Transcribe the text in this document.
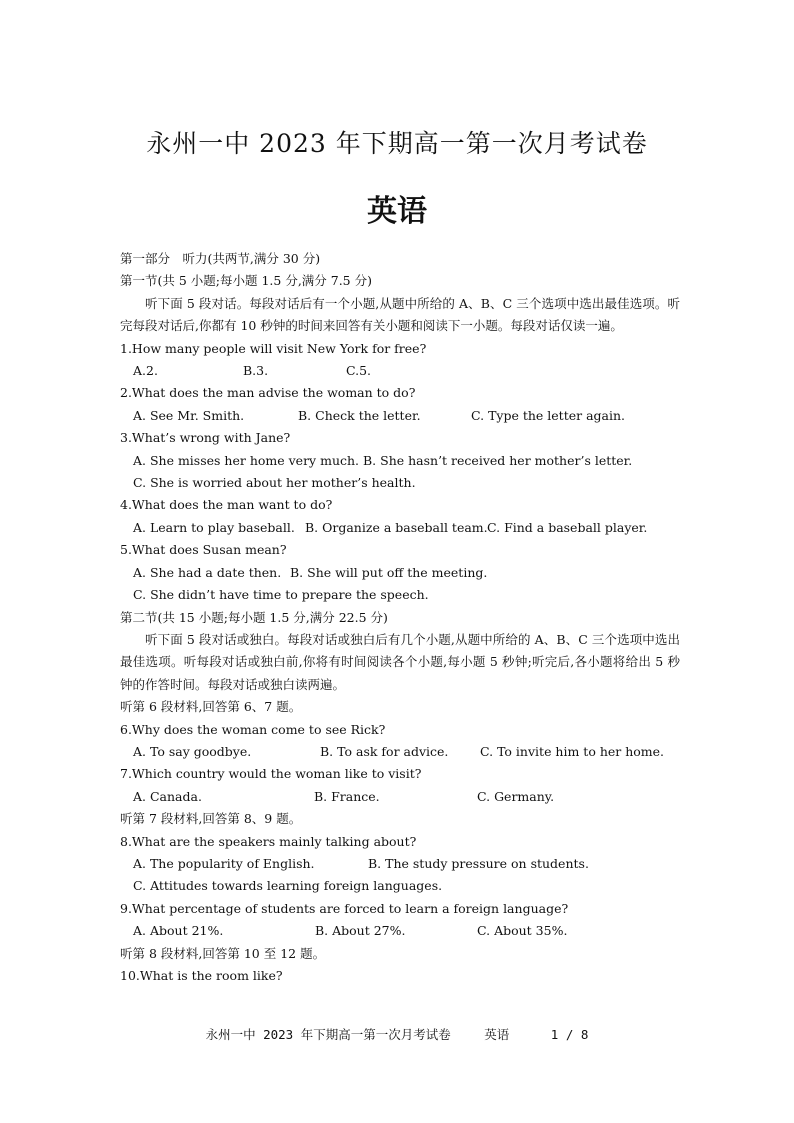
永州一中 2023 年下期高一第一次月考试卷
英语

第一部分　听力(共两节,满分 30 分)

第一节(共 5 小题;每小题 1.5 分,满分 7.5 分)

听下面 5 段对话。每段对话后有一个小题,从题中所给的 A、B、C 三个选项中选出最佳选项。听完每段对话后,你都有 10 秒钟的时间来回答有关小题和阅读下一小题。每段对话仅读一遍。

1.How many people will visit New York for free?

A.2.	B.3.	C.5.

2.What does the man advise the woman to do?

A. See Mr. Smith.	B. Check the letter.	C. Type the letter again.

3.What’s wrong with Jane?

A. She misses her home very much. B. She hasn’t received her mother’s letter.
C. She is worried about her mother’s health.

4.What does the man want to do?

A. Learn to play baseball. B. Organize a baseball team. C. Find a baseball player.

5.What does Susan mean?

A. She had a date then. B. She will put off the meeting.
C. She didn’t have time to prepare the speech.

第二节(共 15 小题;每小题 1.5 分,满分 22.5 分)

听下面 5 段对话或独白。每段对话或独白后有几个小题,从题中所给的 A、B、C 三个选项中选出最佳选项。听每段对话或独白前,你将有时间阅读各个小题,每小题 5 秒钟;听完后,各小题将给出 5 秒钟的作答时间。每段对话或独白读两遍。

听第 6 段材料,回答第 6、7 题。

6.Why does the woman come to see Rick?

A. To say goodbye.	B. To ask for advice.	C. To invite him to her home.

7.Which country would the woman like to visit?

A. Canada.	B. France.	C. Germany.

听第 7 段材料,回答第 8、9 题。

8.What are the speakers mainly talking about?

A. The popularity of English.	B. The study pressure on students.
C. Attitudes towards learning foreign languages.

9.What percentage of students are forced to learn a foreign language?

A. About 21%.	B. About 27%.	C. About 35%.

听第 8 段材料,回答第 10 至 12 题。

10.What is the room like?

永州一中 2023 年下期高一第一次月考试卷	英语	1 / 8
